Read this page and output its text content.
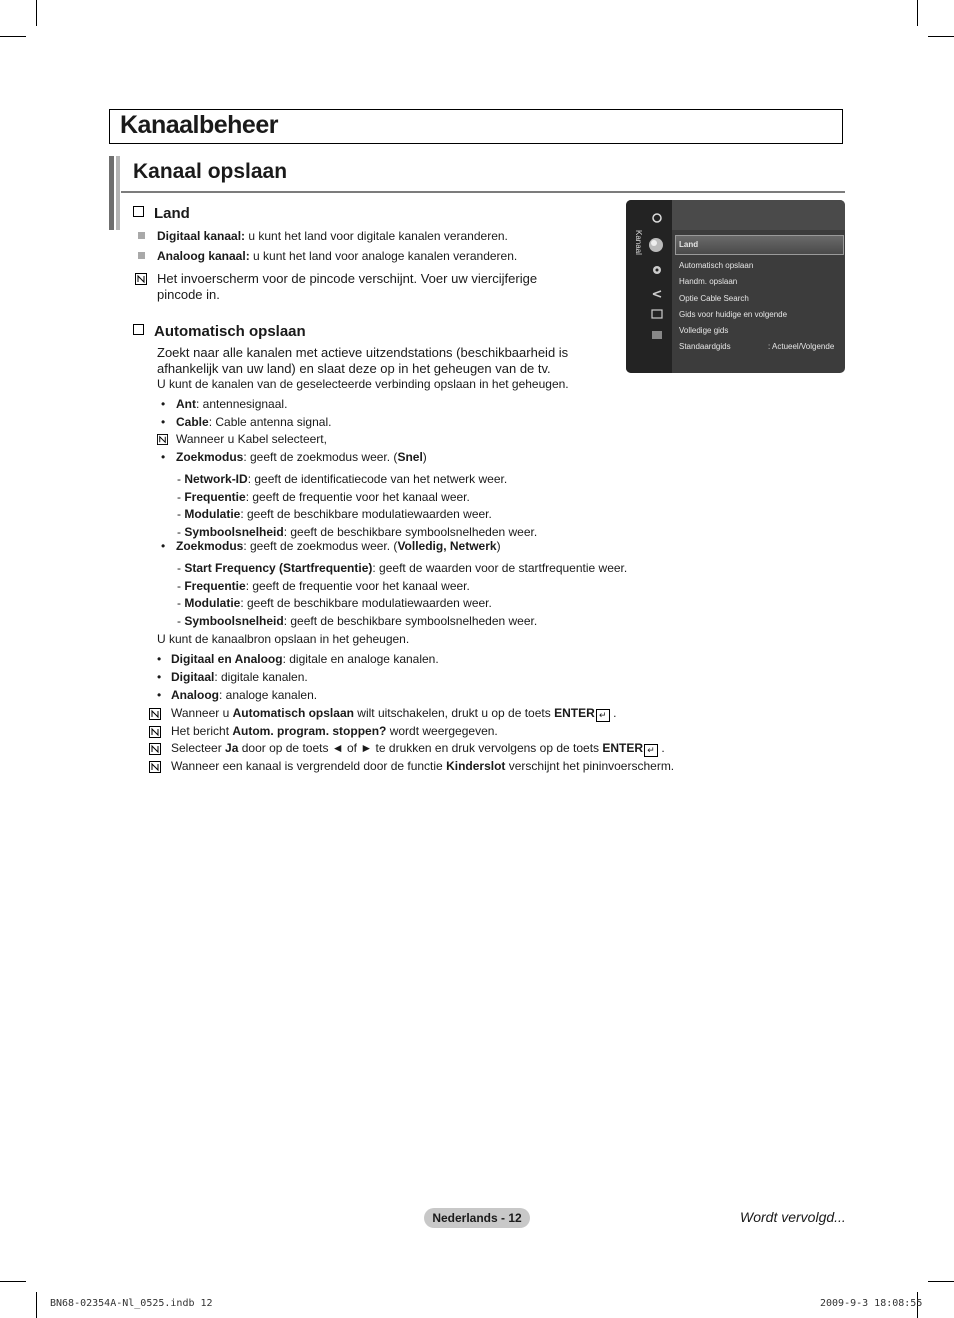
Kanaalbeheer
Kanaal opslaan
Land
Digitaal kanaal: u kunt het land voor digitale kanalen veranderen.
Analoog kanaal: u kunt het land voor analoge kanalen veranderen.
Het invoerscherm voor de pincode verschijnt. Voer uw viercijferige
pincode in.
Automatisch opslaan
Zoekt naar alle kanalen met actieve uitzendstations (beschikbaarheid is
afhankelijk van uw land) en slaat deze op in het geheugen van de tv.
U kunt de kanalen van de geselecteerde verbinding opslaan in het geheugen.
• Ant: antennesignaal.
• Cable: Cable antenna signal.
Wanneer u Kabel selecteert,
• Zoekmodus: geeft de zoekmodus weer. (Snel)
- Network-ID: geeft de identificatiecode van het netwerk weer.
- Frequentie: geeft de frequentie voor het kanaal weer.
- Modulatie: geeft de beschikbare modulatiewaarden weer.
- Symboolsnelheid: geeft de beschikbare symboolsnelheden weer.
• Zoekmodus: geeft de zoekmodus weer. (Volledig, Netwerk)
- Start Frequency (Startfrequentie): geeft de waarden voor de startfrequentie weer.
- Frequentie: geeft de frequentie voor het kanaal weer.
- Modulatie: geeft de beschikbare modulatiewaarden weer.
- Symboolsnelheid: geeft de beschikbare symboolsnelheden weer.
U kunt de kanaalbron opslaan in het geheugen.
• Digitaal en Analoog: digitale en analoge kanalen.
• Digitaal: digitale kanalen.
• Analoog: analoge kanalen.
Wanneer u Automatisch opslaan wilt uitschakelen, drukt u op de toets ENTER ↵ .
Het bericht Autom. program. stoppen? wordt weergegeven.
Selecteer Ja door op de toets ◄ of ► te drukken en druk vervolgens op de toets ENTER ↵ .
Wanneer een kanaal is vergrendeld door de functie Kinderslot verschijnt het pininvoerscherm.
Kanaal	Land
Automatisch opslaan
Handm. opslaan
Optie Cable Search
Gids voor huidige en volgende
Volledige gids
Standaardgids	: Actueel/Volgende
Nederlands - 12	Wordt vervolgd...
BN68-02354A-Nl_0525.indb 12	2009-9-3 18:08:55
